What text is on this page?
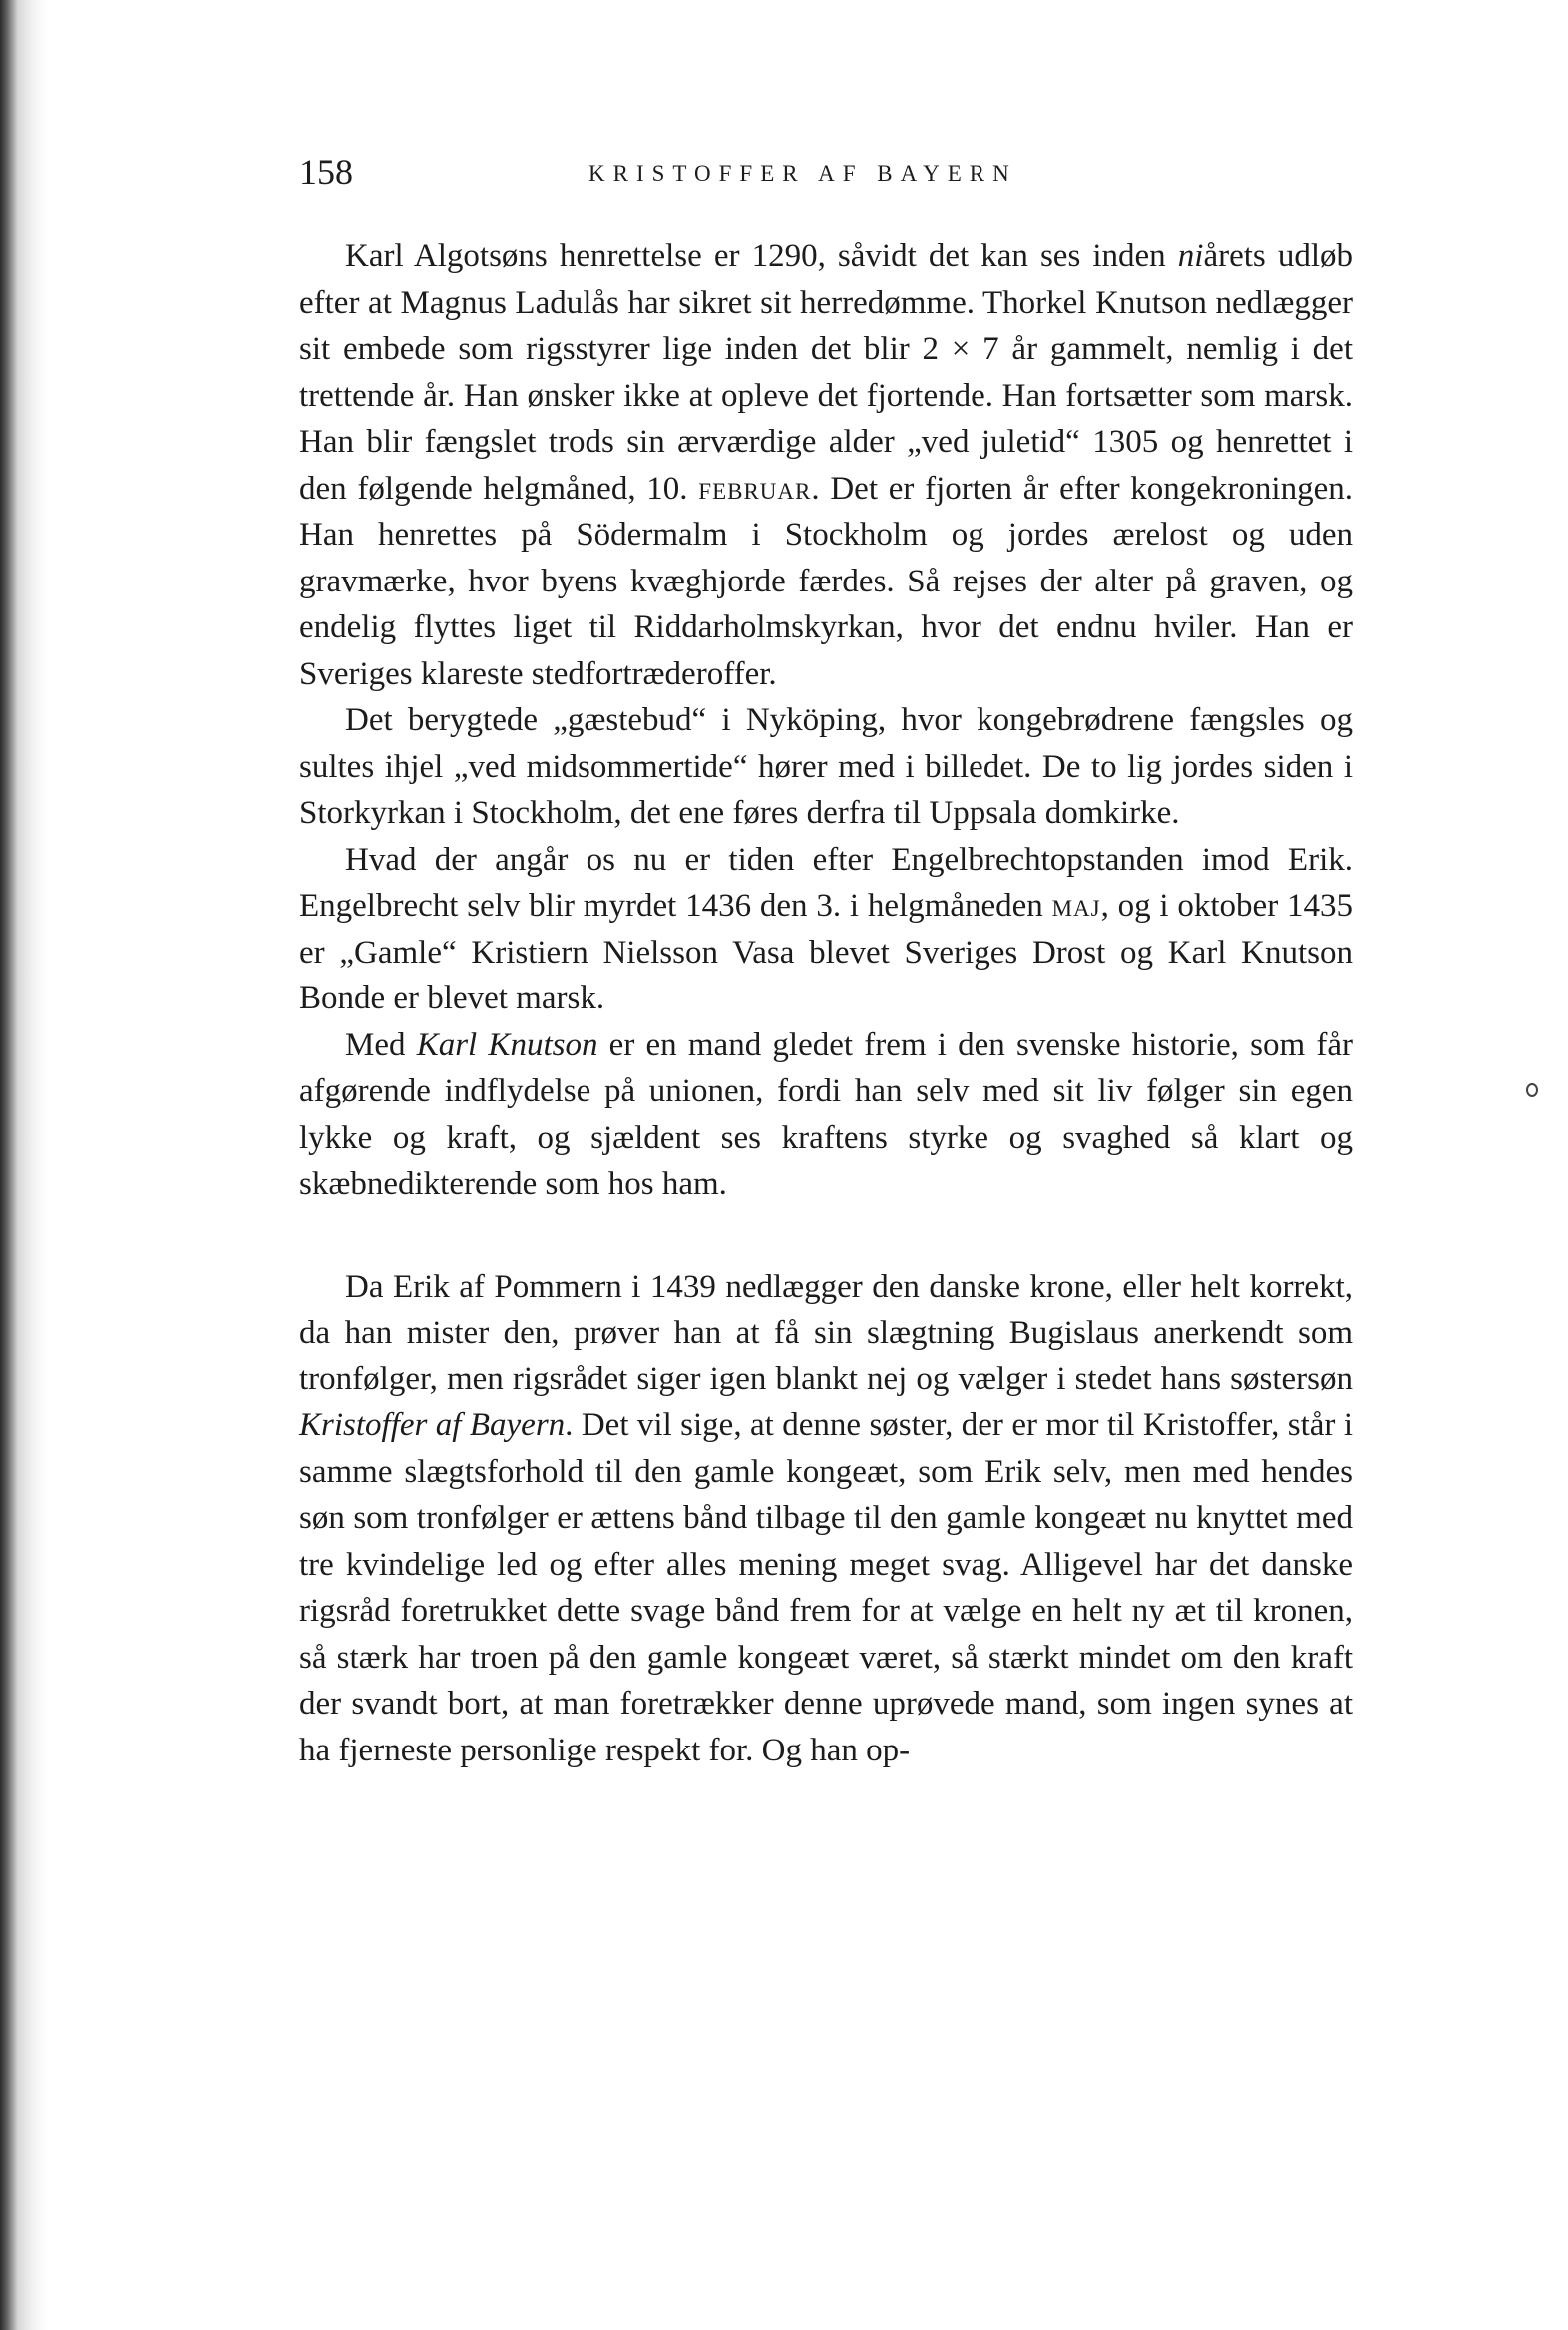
158	KRISTOFFER AF BAYERN

Karl Algotsøns henrettelse er 1290, såvidt det kan ses inden niårets udløb efter at Magnus Ladulås har sikret sit herredømme. Thorkel Knutson nedlægger sit embede som rigsstyrer lige inden det blir 2 × 7 år gammelt, nemlig i det trettende år. Han ønsker ikke at opleve det fjortende. Han fortsætter som marsk. Han blir fængslet trods sin ærværdige alder „ved juletid“ 1305 og henrettet i den følgende helgmåned, 10. februar. Det er fjorten år efter kongekroningen. Han henrettes på Södermalm i Stockholm og jordes ærelost og uden gravmærke, hvor byens kvæghjorde færdes. Så rejses der alter på graven, og endelig flyttes liget til Riddarholmskyrkan, hvor det endnu hviler. Han er Sveriges klareste stedfortræderoffer.

Det berygtede „gæstebud“ i Nyköping, hvor kongebrødrene fængsles og sultes ihjel „ved midsommertide“ hører med i billedet. De to lig jordes siden i Storkyrkan i Stockholm, det ene føres derfra til Uppsala domkirke.

Hvad der angår os nu er tiden efter Engelbrechtopstanden imod Erik. Engelbrecht selv blir myrdet 1436 den 3. i helgmåneden maj, og i oktober 1435 er „Gamle“ Kristiern Nielsson Vasa blevet Sveriges Drost og Karl Knutson Bonde er blevet marsk.

Med Karl Knutson er en mand gledet frem i den svenske historie, som får afgørende indflydelse på unionen, fordi han selv med sit liv følger sin egen lykke og kraft, og sjældent ses kraftens styrke og svaghed så klart og skæbnedikterende som hos ham.

Da Erik af Pommern i 1439 nedlægger den danske krone, eller helt korrekt, da han mister den, prøver han at få sin slægtning Bugislaus anerkendt som tronfølger, men rigsrådet siger igen blankt nej og vælger i stedet hans søstersøn Kristoffer af Bayern. Det vil sige, at denne søster, der er mor til Kristoffer, står i samme slægtsforhold til den gamle kongeæt, som Erik selv, men med hendes søn som tronfølger er ættens bånd tilbage til den gamle kongeæt nu knyttet med tre kvindelige led og efter alles mening meget svag. Alligevel har det danske rigsråd foretrukket dette svage bånd frem for at vælge en helt ny æt til kronen, så stærk har troen på den gamle kongeæt været, så stærkt mindet om den kraft der svandt bort, at man foretrækker denne uprøvede mand, som ingen synes at ha fjerneste personlige respekt for. Og han op-
